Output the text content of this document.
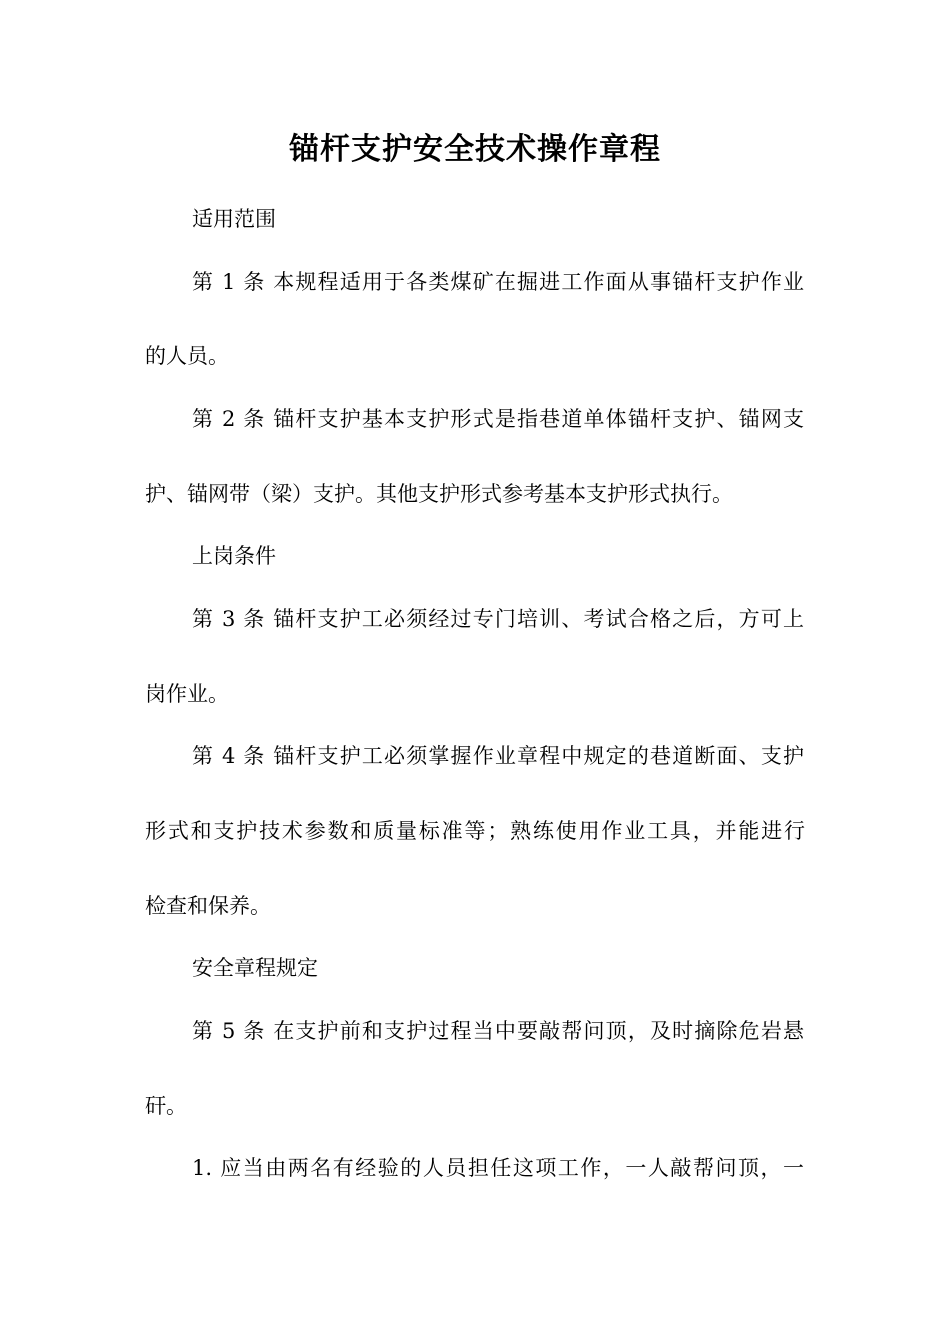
锚杆支护安全技术操作章程
适用范围
第 1 条 本规程适用于各类煤矿在掘进工作面从事锚杆支护作业
的人员。
第 2 条 锚杆支护基本支护形式是指巷道单体锚杆支护、锚网支
护、锚网带（梁）支护。其他支护形式参考基本支护形式执行。
上岗条件
第 3 条 锚杆支护工必须经过专门培训、考试合格之后，方可上
岗作业。
第 4 条 锚杆支护工必须掌握作业章程中规定的巷道断面、支护
形式和支护技术参数和质量标准等；熟练使用作业工具，并能进行
检查和保养。
安全章程规定
第 5 条 在支护前和支护过程当中要敲帮问顶，及时摘除危岩悬
矸。
1. 应当由两名有经验的人员担任这项工作，一人敲帮问顶，一
